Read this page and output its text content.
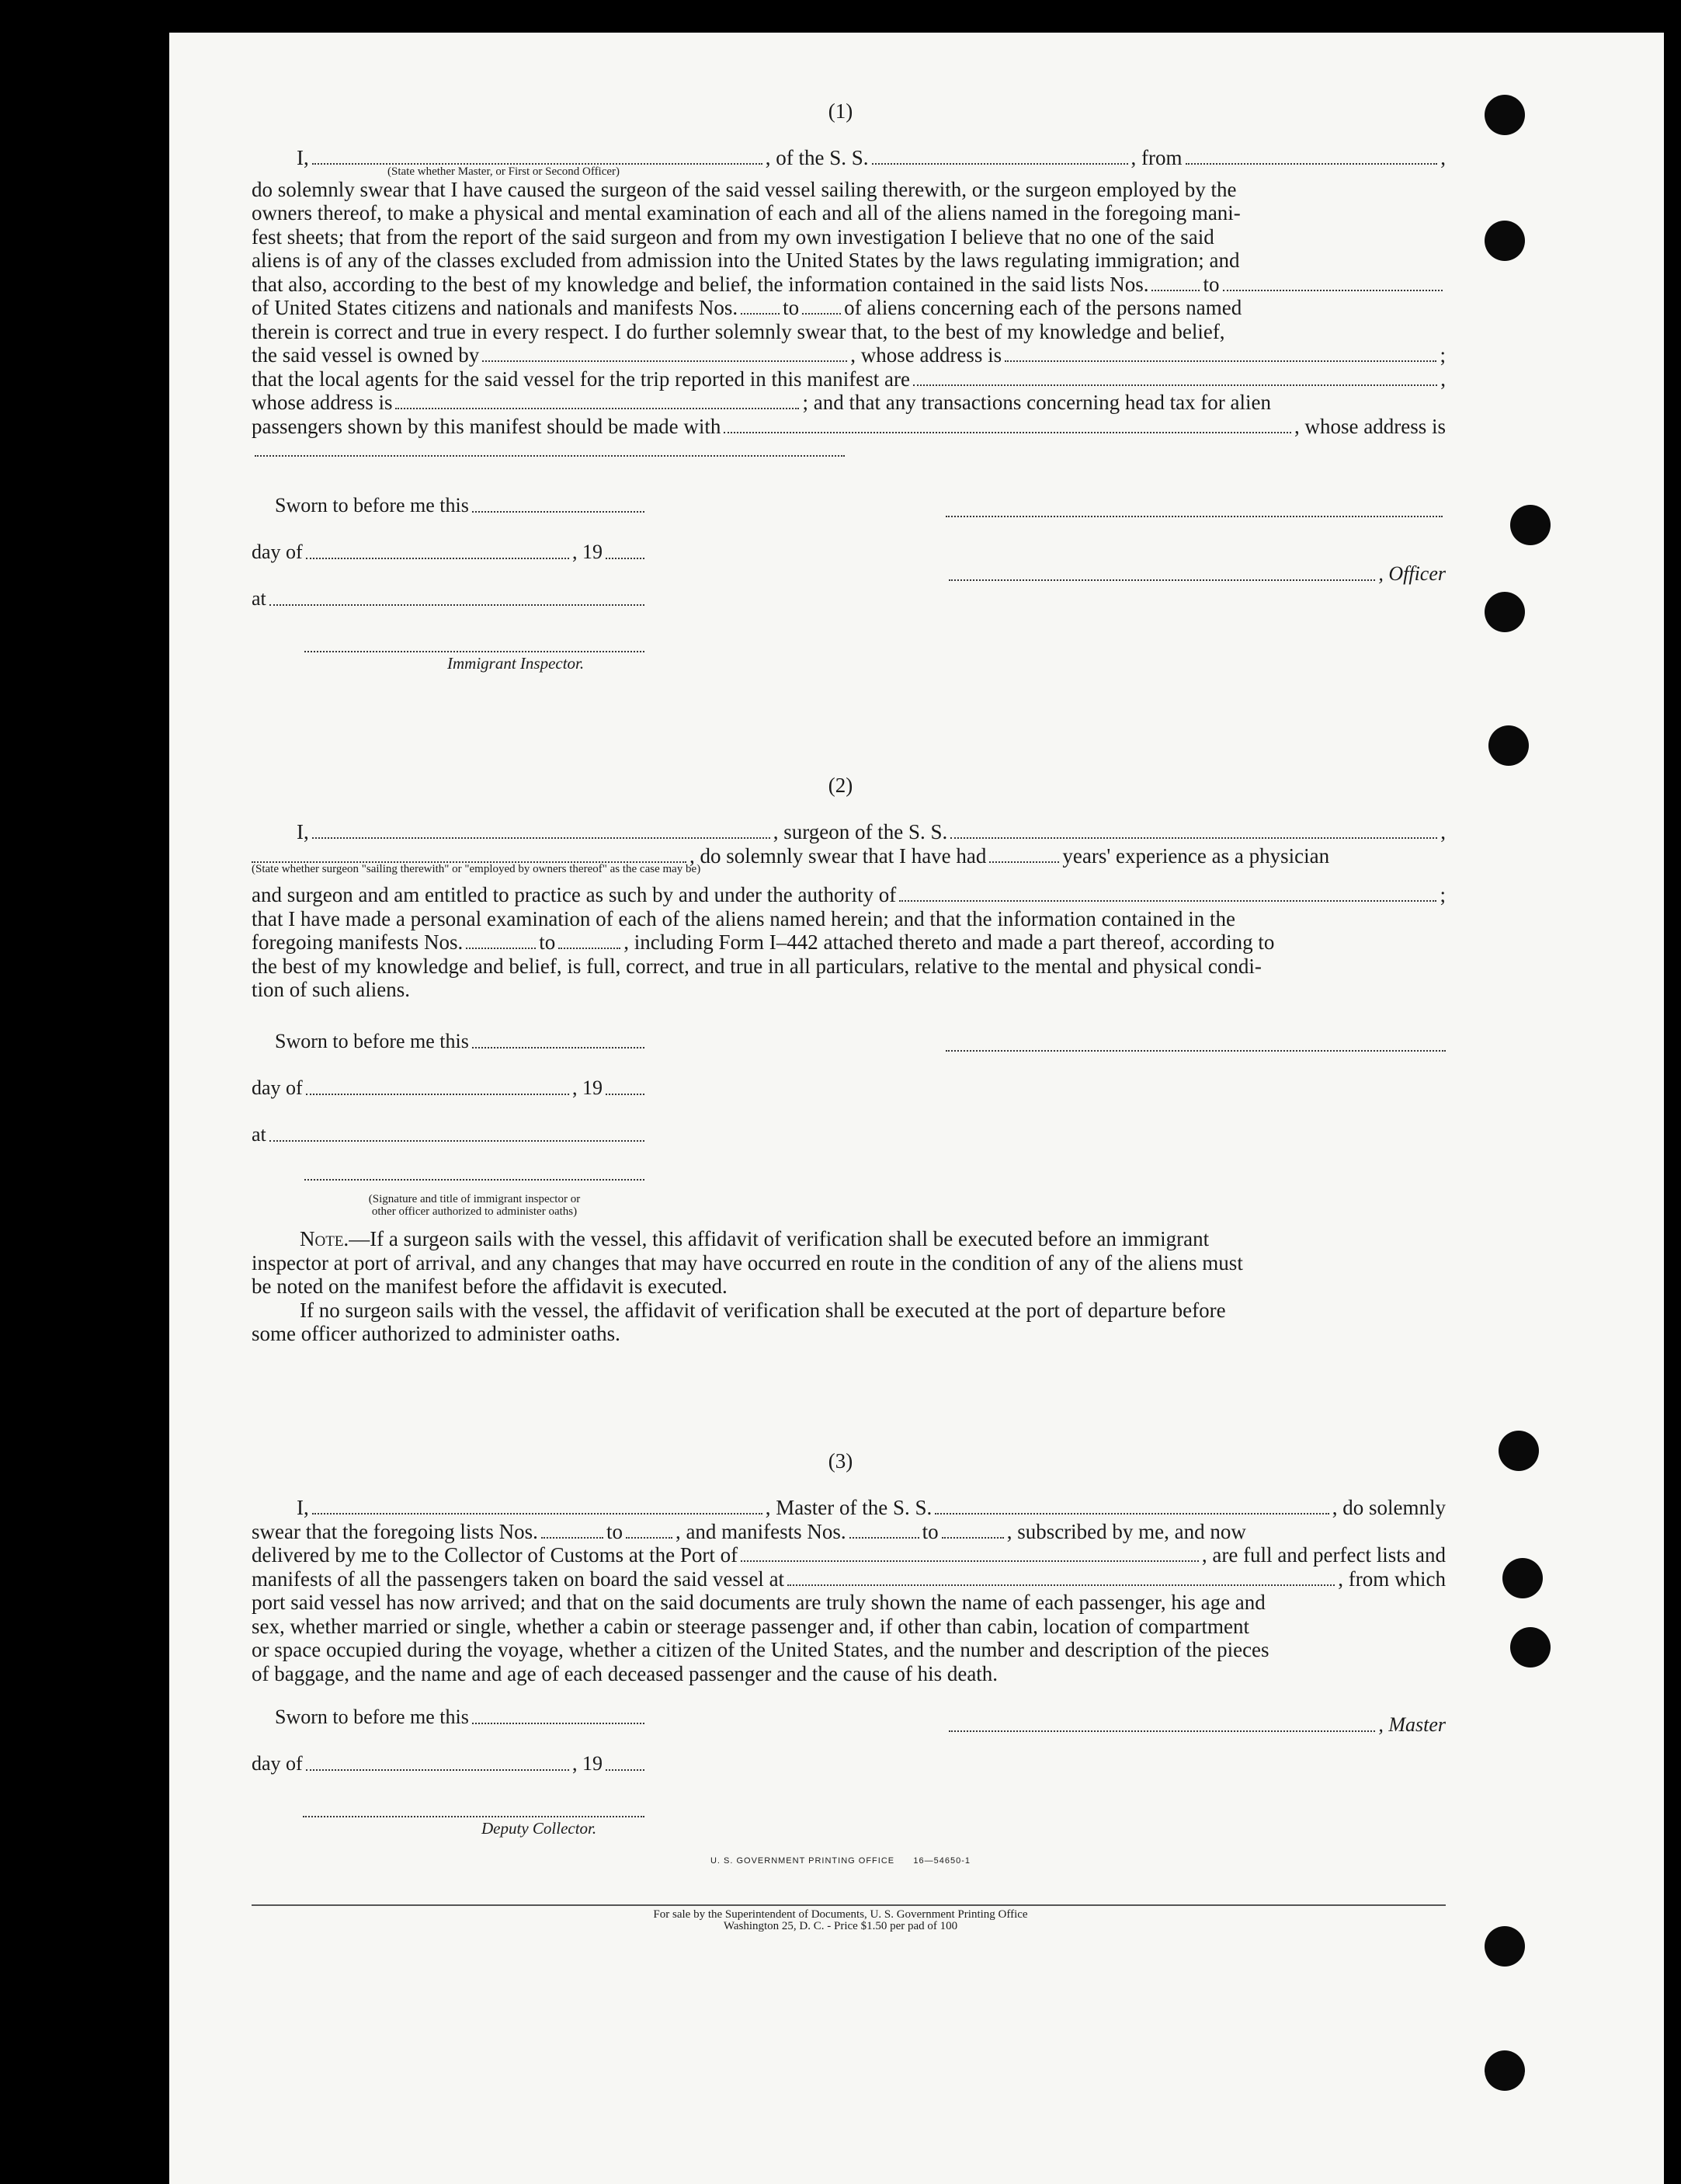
(1)
I,	, of the S. S.	, from	,
(State whether Master, or First or Second Officer)
do solemnly swear that I have caused the surgeon of the said vessel sailing therewith, or the surgeon employed by the
owners thereof, to make a physical and mental examination of each and all of the aliens named in the foregoing mani-
fest sheets; that from the report of the said surgeon and from my own investigation I believe that no one of the said
aliens is of any of the classes excluded from admission into the United States by the laws regulating immigration; and
that also, according to the best of my knowledge and belief, the information contained in the said lists Nos.	to
of United States citizens and nationals and manifests Nos. to of aliens concerning each of the persons named
therein is correct and true in every respect. I do further solemnly swear that, to the best of my knowledge and belief,
the said vessel is owned by	, whose address is	;
that the local agents for the said vessel for the trip reported in this manifest are	,
whose address is	; and that any transactions concerning head tax for alien
passengers shown by this manifest should be made with	, whose address is
Sworn to before me this
day of	, 19
at
, Officer
Immigrant Inspector.
(2)
I,	, surgeon of the S. S.	,
, do solemnly swear that I have had	years' experience as a physician
(State whether surgeon "sailing therewith" or "employed by owners thereof" as the case may be)
and surgeon and am entitled to practice as such by and under the authority of	;
that I have made a personal examination of each of the aliens named herein; and that the information contained in the
foregoing manifests Nos.	to	, including Form I–442 attached thereto and made a part thereof, according to
the best of my knowledge and belief, is full, correct, and true in all particulars, relative to the mental and physical condi-
tion of such aliens.
Sworn to before me this
day of	, 19
at
(Signature and title of immigrant inspector or
other officer authorized to administer oaths)
Note. —If a surgeon sails with the vessel, this affidavit of verification shall be executed before an immigrant
inspector at port of arrival, and any changes that may have occurred en route in the condition of any of the aliens must
be noted on the manifest before the affidavit is executed.
If no surgeon sails with the vessel, the affidavit of verification shall be executed at the port of departure before
some officer authorized to administer oaths.
(3)
I,	, Master of the S. S.	, do solemnly
swear that the foregoing lists Nos.	to	, and manifests Nos.	to	, subscribed by me, and now
delivered by me to the Collector of Customs at the Port of	, are full and perfect lists and
manifests of all the passengers taken on board the said vessel at	, from which
port said vessel has now arrived; and that on the said documents are truly shown the name of each passenger, his age and
sex, whether married or single, whether a cabin or steerage passenger and, if other than cabin, location of compartment
or space occupied during the voyage, whether a citizen of the United States, and the number and description of the pieces
of baggage, and the name and age of each deceased passenger and the cause of his death.
Sworn to before me this
day of	, 19
, Master
Deputy Collector.
U. S. GOVERNMENT PRINTING OFFICE      16—54650-1
For sale by the Superintendent of Documents, U. S. Government Printing Office
Washington 25, D. C. - Price $1.50 per pad of 100
